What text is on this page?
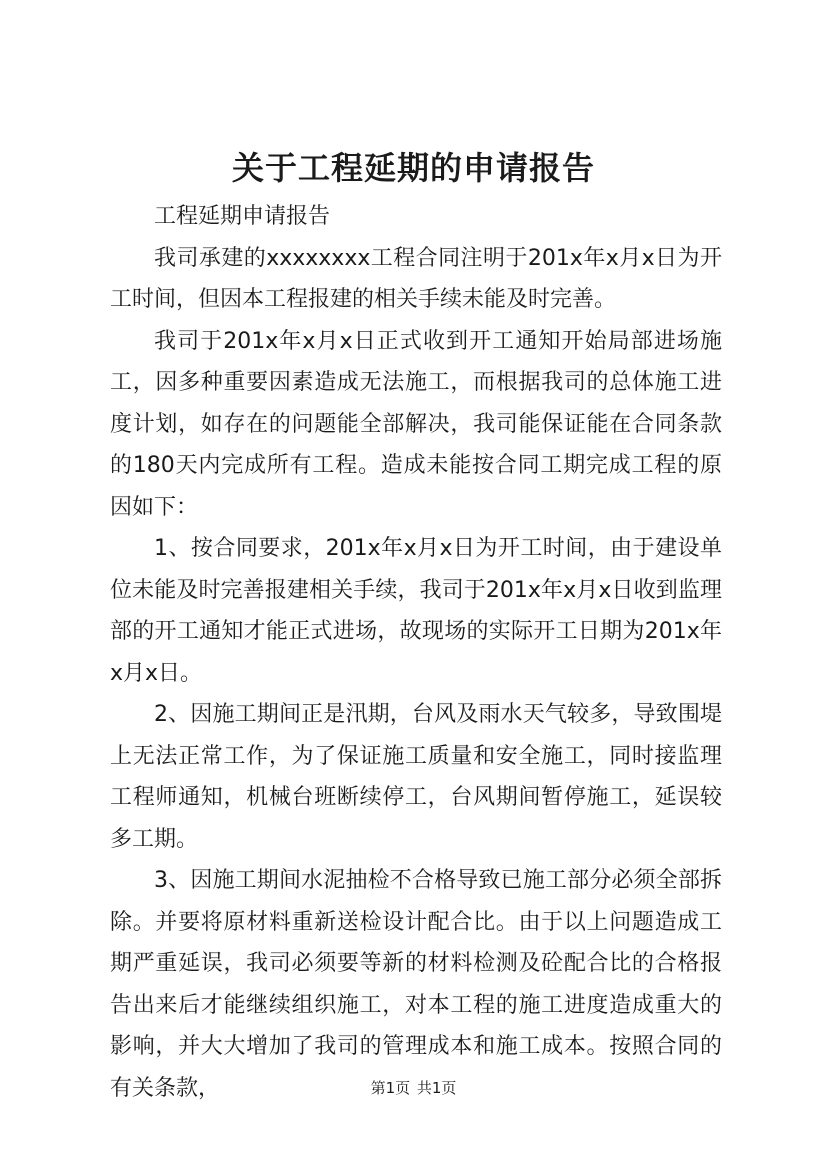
关于工程延期的申请报告

工程延期申请报告

我司承建的xxxxxxxx工程合同注明于201x年x月x日为开工时间，但因本工程报建的相关手续未能及时完善。

我司于201x年x月x日正式收到开工通知开始局部进场施工，因多种重要因素造成无法施工，而根据我司的总体施工进度计划，如存在的问题能全部解决，我司能保证能在合同条款的180天内完成所有工程。造成未能按合同工期完成工程的原因如下：

1、按合同要求，201x年x月x日为开工时间，由于建设单位未能及时完善报建相关手续，我司于201x年x月x日收到监理部的开工通知才能正式进场，故现场的实际开工日期为201x年x月x日。

2、因施工期间正是汛期，台风及雨水天气较多，导致围堤上无法正常工作，为了保证施工质量和安全施工，同时接监理工程师通知，机械台班断续停工，台风期间暂停施工，延误较多工期。

3、因施工期间水泥抽检不合格导致已施工部分必须全部拆除。并要将原材料重新送检设计配合比。由于以上问题造成工期严重延误，我司必须要等新的材料检测及砼配合比的合格报告出来后才能继续组织施工，对本工程的施工进度造成重大的影响，并大大增加了我司的管理成本和施工成本。按照合同的有关条款，	第1页 共1页
